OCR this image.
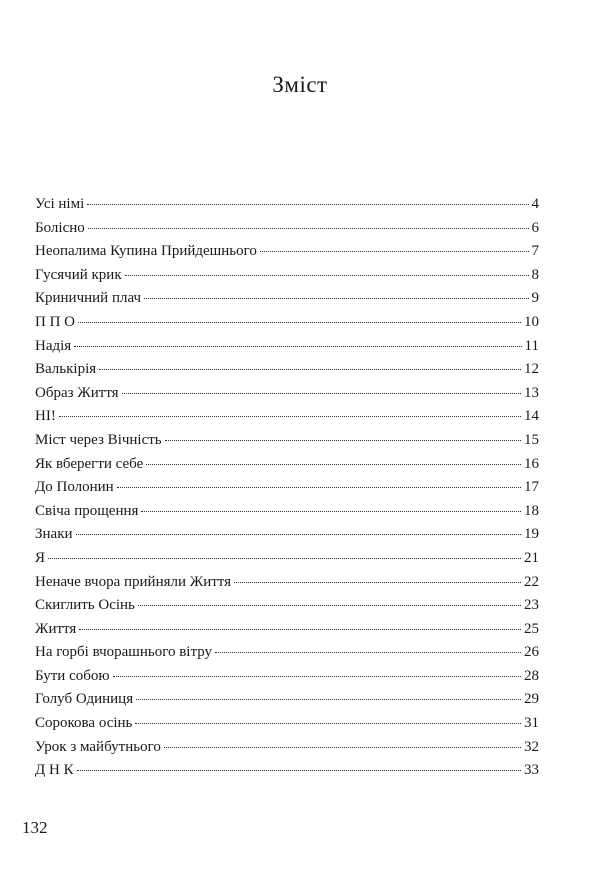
Зміст
Усі німі	4
Болісно	6
Неопалима Купина Прийдешнього	7
Гусячий крик	8
Криничний плач	9
П П О	10
Надія	11
Валькірія	12
Образ Життя	13
НІ!	14
Міст через Вічність	15
Як вберегти себе	16
До Полонин	17
Свіча прощення	18
Знаки	19
Я	21
Неначе вчора прийняли Життя	22
Скиглить Осінь	23
Життя	25
На горбі вчорашнього вітру	26
Бути собою	28
Голуб Одиниця	29
Сорокова осінь	31
Урок з майбутнього	32
Д Н К	33
132
